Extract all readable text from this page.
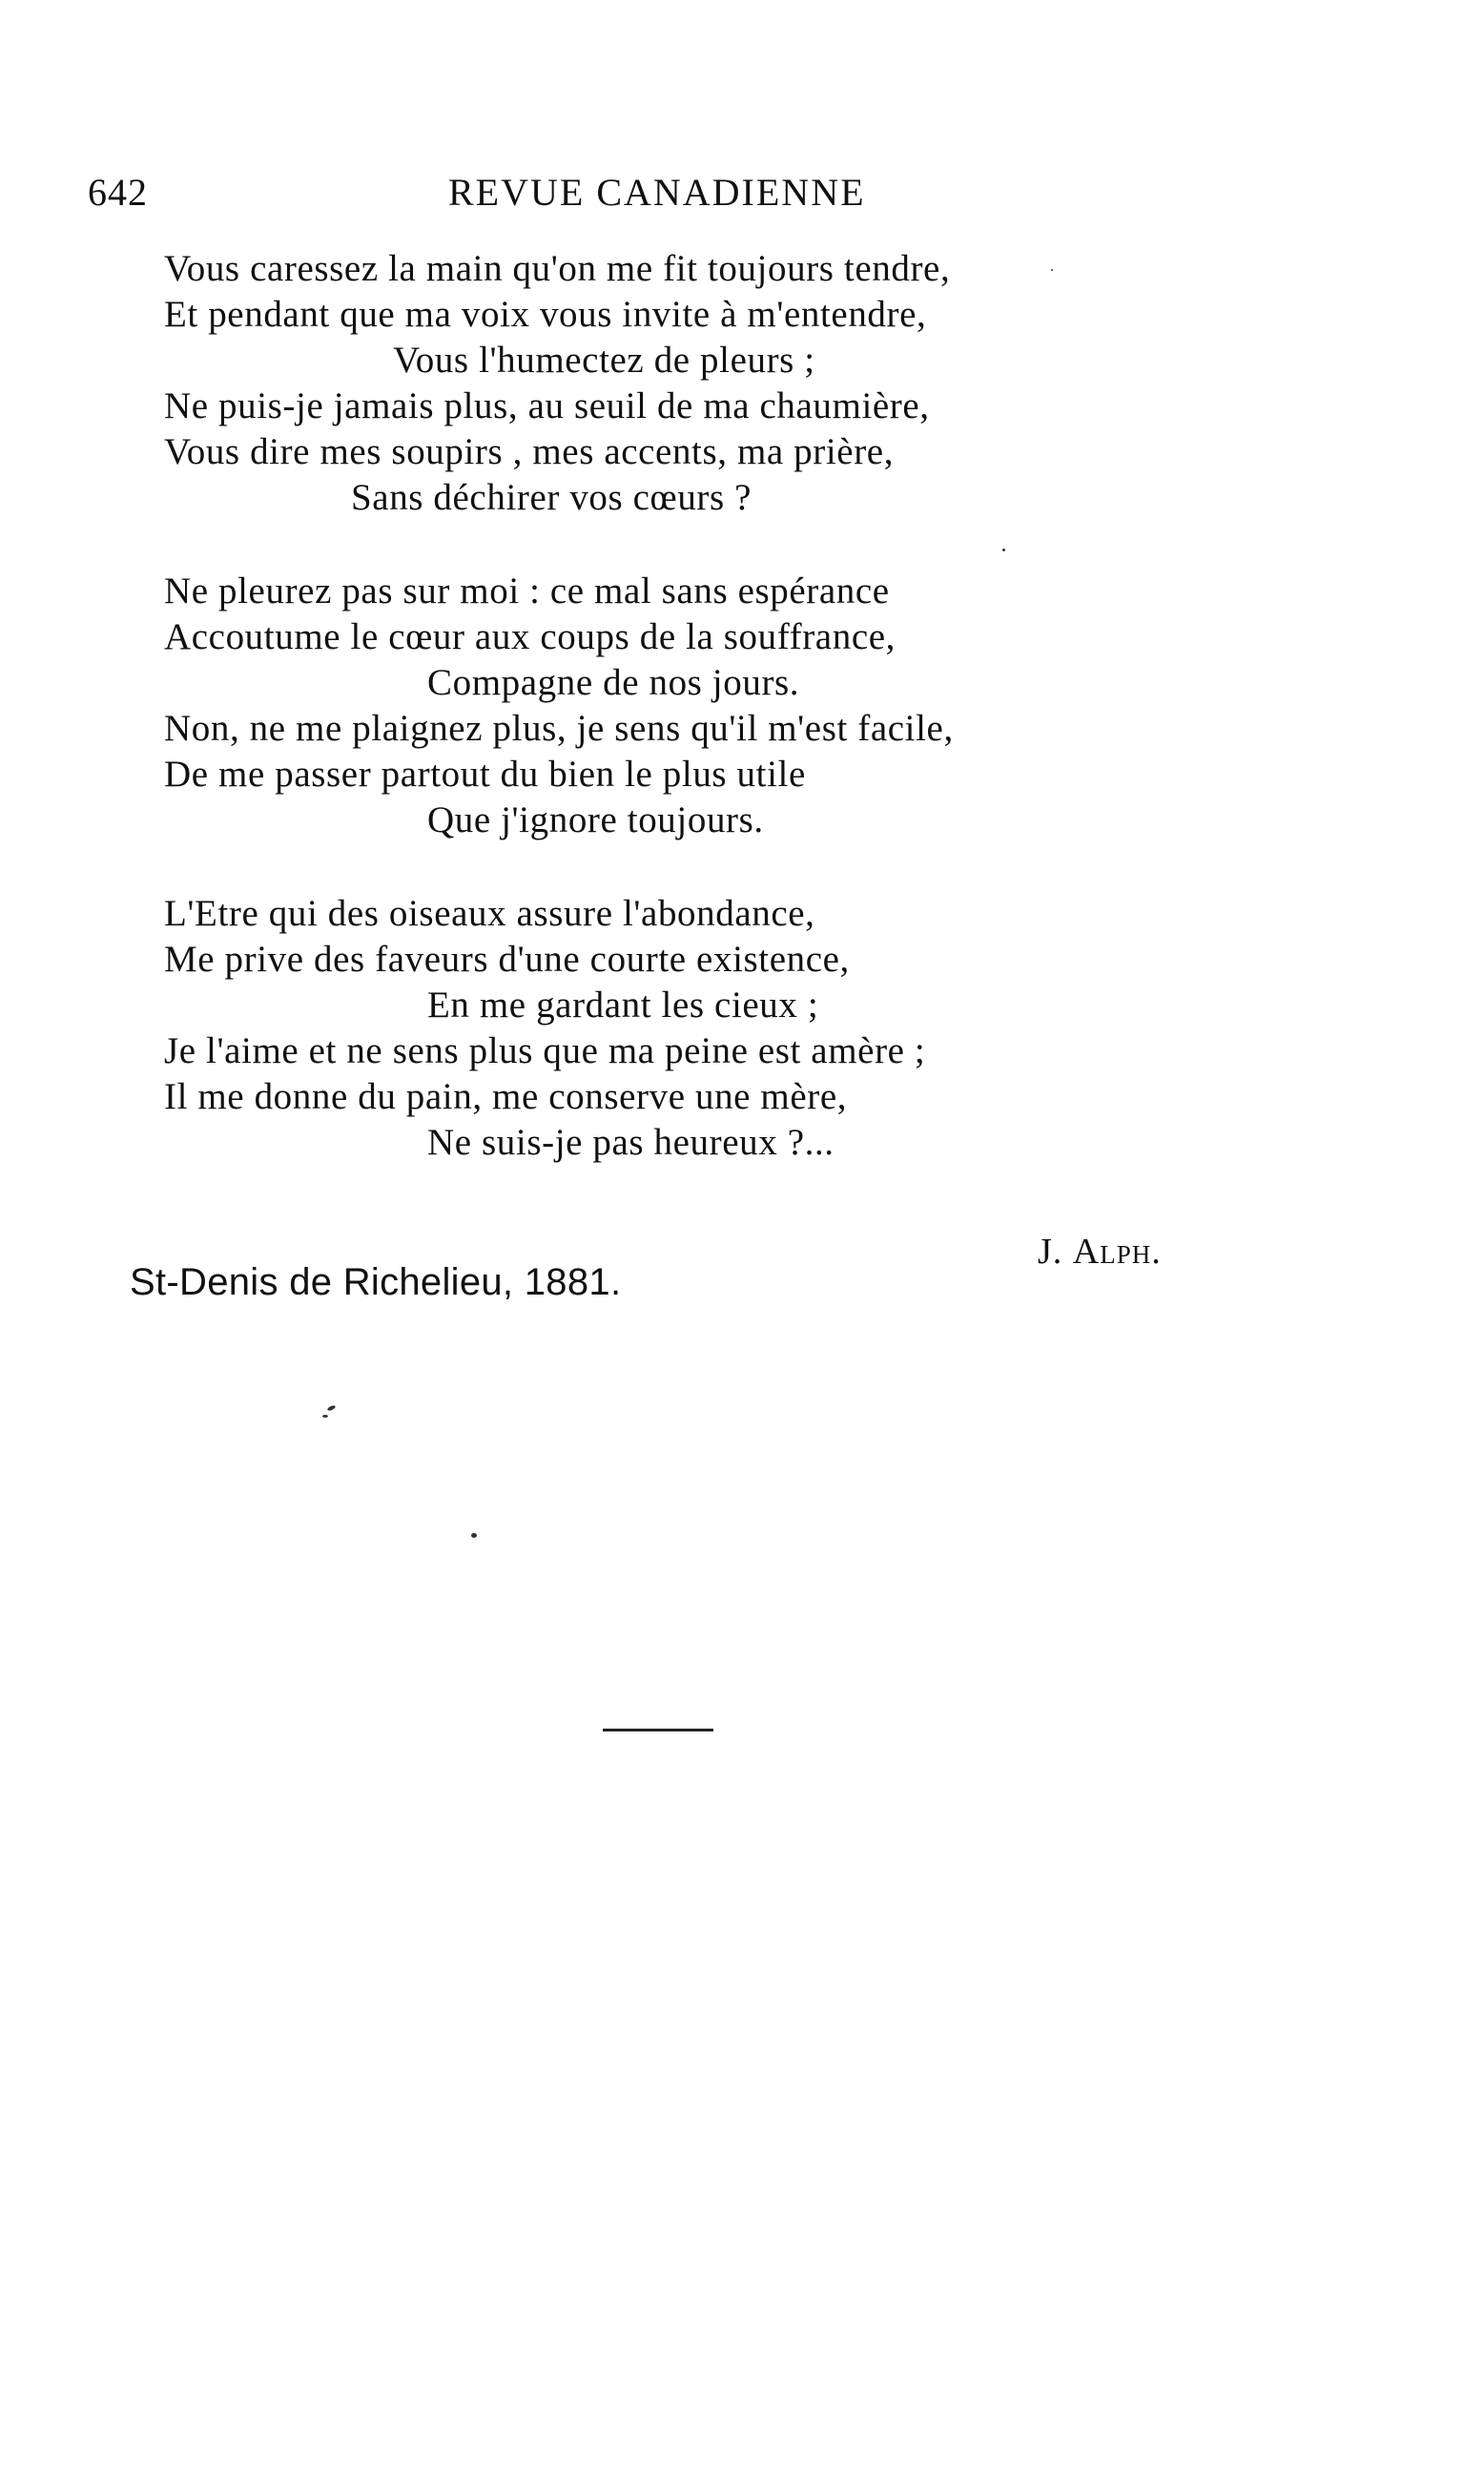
642	REVUE CANADIENNE
Vous caressez la main qu'on me fit toujours tendre,
Et pendant que ma voix vous invite à m'entendre,
Vous l'humectez de pleurs ;
Ne puis-je jamais plus, au seuil de ma chaumière,
Vous dire mes soupirs , mes accents, ma prière,
Sans déchirer vos cœurs ?
Ne pleurez pas sur moi : ce mal sans espérance
Accoutume le cœur aux coups de la souffrance,
Compagne de nos jours.
Non, ne me plaignez plus, je sens qu'il m'est facile,
De me passer partout du bien le plus utile
Que j'ignore toujours.
L'Etre qui des oiseaux assure l'abondance,
Me prive des faveurs d'une courte existence,
En me gardant les cieux ;
Je l'aime et ne sens plus que ma peine est amère ;
Il me donne du pain, me conserve une mère,
Ne suis-je pas heureux ?...
J. Alph.
St-Denis de Richelieu, 1881.
